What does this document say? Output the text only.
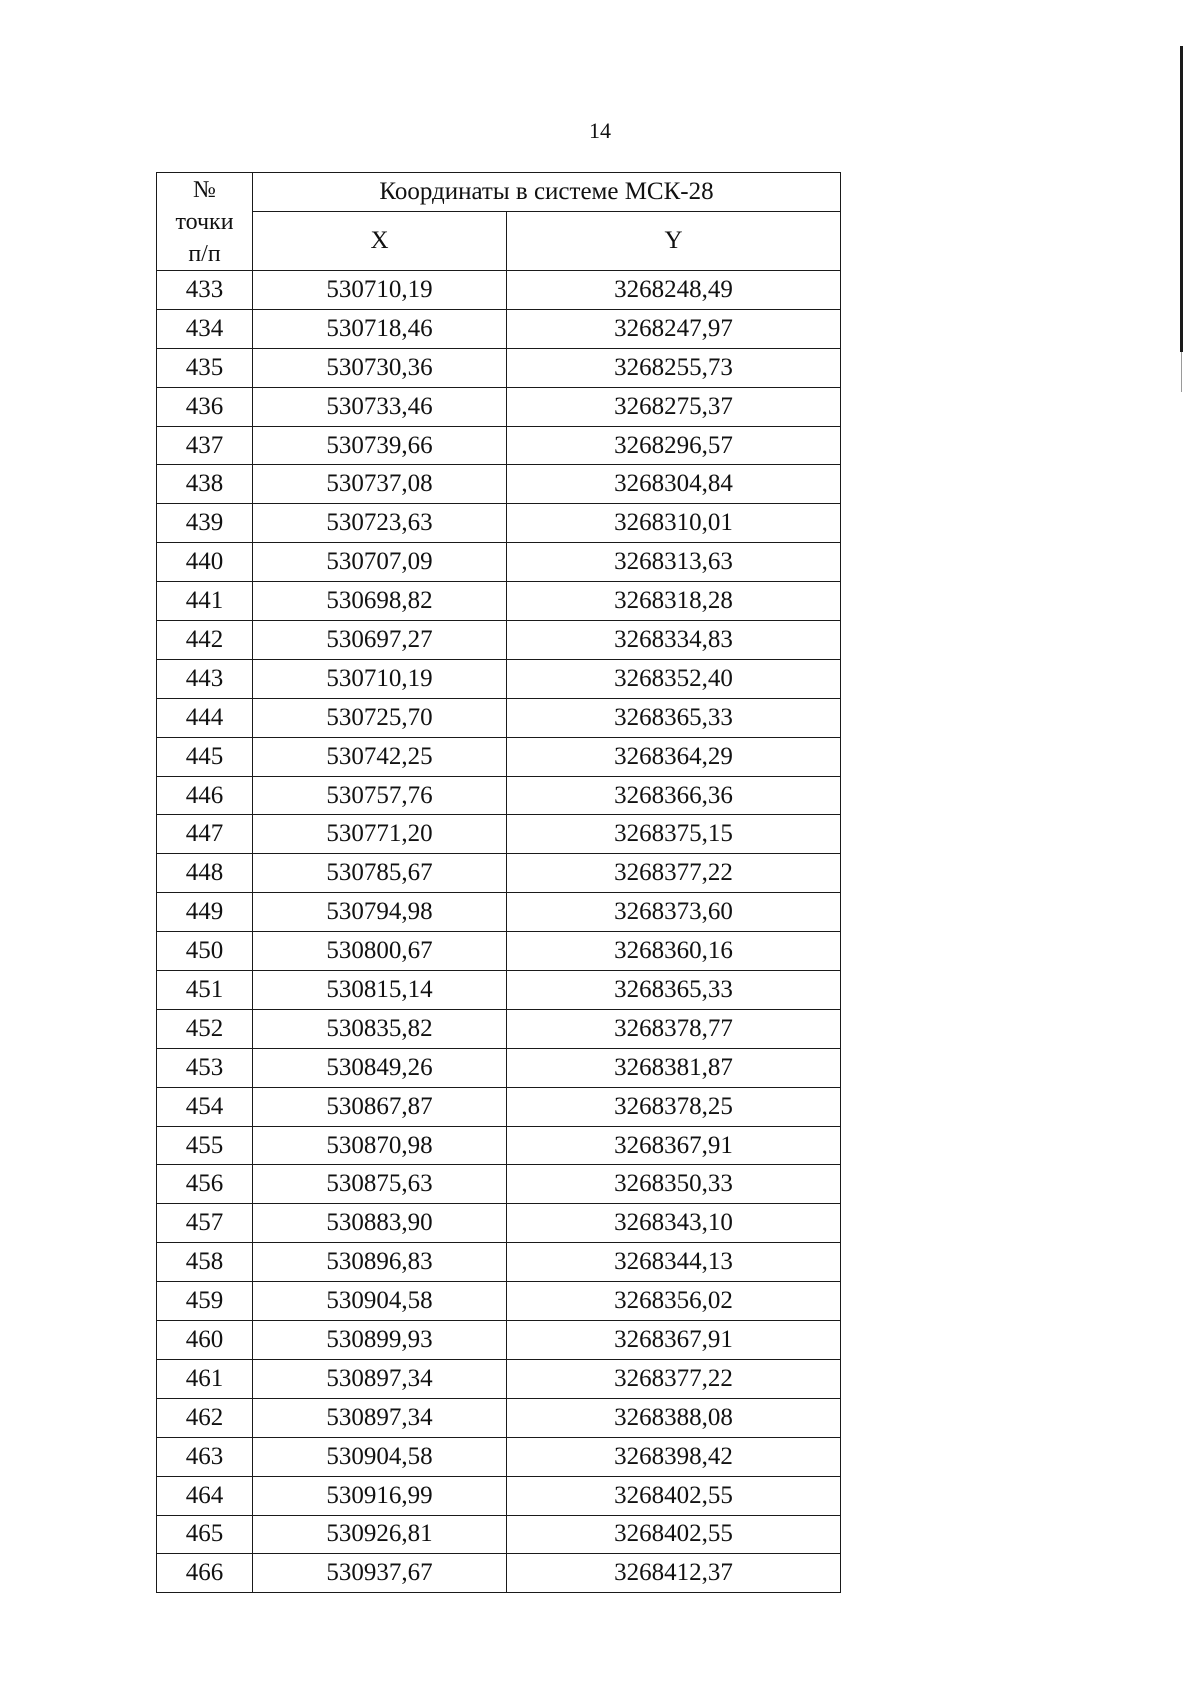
14
№
точки
п/п	Координаты в системе МСК-28	
	X	Y
433	530710,19	3268248,49
434	530718,46	3268247,97
435	530730,36	3268255,73
436	530733,46	3268275,37
437	530739,66	3268296,57
438	530737,08	3268304,84
439	530723,63	3268310,01
440	530707,09	3268313,63
441	530698,82	3268318,28
442	530697,27	3268334,83
443	530710,19	3268352,40
444	530725,70	3268365,33
445	530742,25	3268364,29
446	530757,76	3268366,36
447	530771,20	3268375,15
448	530785,67	3268377,22
449	530794,98	3268373,60
450	530800,67	3268360,16
451	530815,14	3268365,33
452	530835,82	3268378,77
453	530849,26	3268381,87
454	530867,87	3268378,25
455	530870,98	3268367,91
456	530875,63	3268350,33
457	530883,90	3268343,10
458	530896,83	3268344,13
459	530904,58	3268356,02
460	530899,93	3268367,91
461	530897,34	3268377,22
462	530897,34	3268388,08
463	530904,58	3268398,42
464	530916,99	3268402,55
465	530926,81	3268402,55
466	530937,67	3268412,37
